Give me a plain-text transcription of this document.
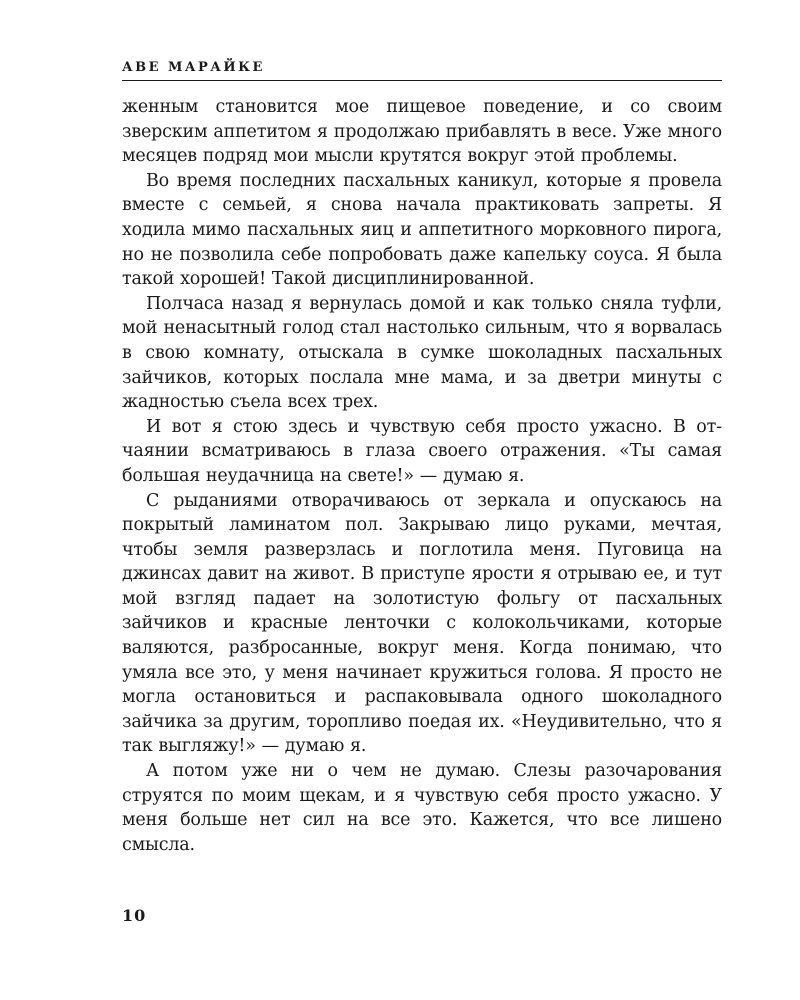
АВЕ МАРАЙКЕ

женным становится мое пищевое поведение, и со своим зверским аппетитом я продолжаю прибавлять в весе. Уже много месяцев подряд мои мысли крутятся вокруг этой проблемы.

Во время последних пасхальных каникул, которые я провела вместе с семьей, я снова начала практиковать запреты. Я ходила мимо пасхальных яиц и аппетитного морковного пирога, но не позволила себе попробовать даже капельку соуса. Я была такой хорошей! Такой дисциплинированной.

Полчаса назад я вернулась домой и как только сняла туфли, мой ненасытный голод стал настолько сильным, что я ворвалась в свою комнату, отыскала в сумке шоколадных пасхальных зайчиков, которых послала мне мама, и за дветри минуты с жадностью съела всех трех.

И вот я стою здесь и чувствую себя просто ужасно. В отчаянии всматриваюсь в глаза своего отражения. «Ты самая большая неудачница на свете!» — думаю я.

С рыданиями отворачиваюсь от зеркала и опускаюсь на покрытый ламинатом пол. Закрываю лицо руками, мечтая, чтобы земля разверзлась и поглотила меня. Пуговица на джинсах давит на живот. В приступе ярости я отрываю ее, и тут мой взгляд падает на золотистую фольгу от пасхальных зайчиков и красные ленточки с колокольчиками, которые валяются, разбросанные, вокруг меня. Когда понимаю, что умяла все это, у меня начинает кружиться голова. Я просто не могла остановиться и распаковывала одного шоколадного зайчика за другим, торопливо поедая их. «Неудивительно, что я так выгляжу!» — думаю я.

А потом уже ни о чем не думаю. Слезы разочарования струятся по моим щекам, и я чувствую себя просто ужасно. У меня больше нет сил на все это. Кажется, что все лишено смысла.

10
